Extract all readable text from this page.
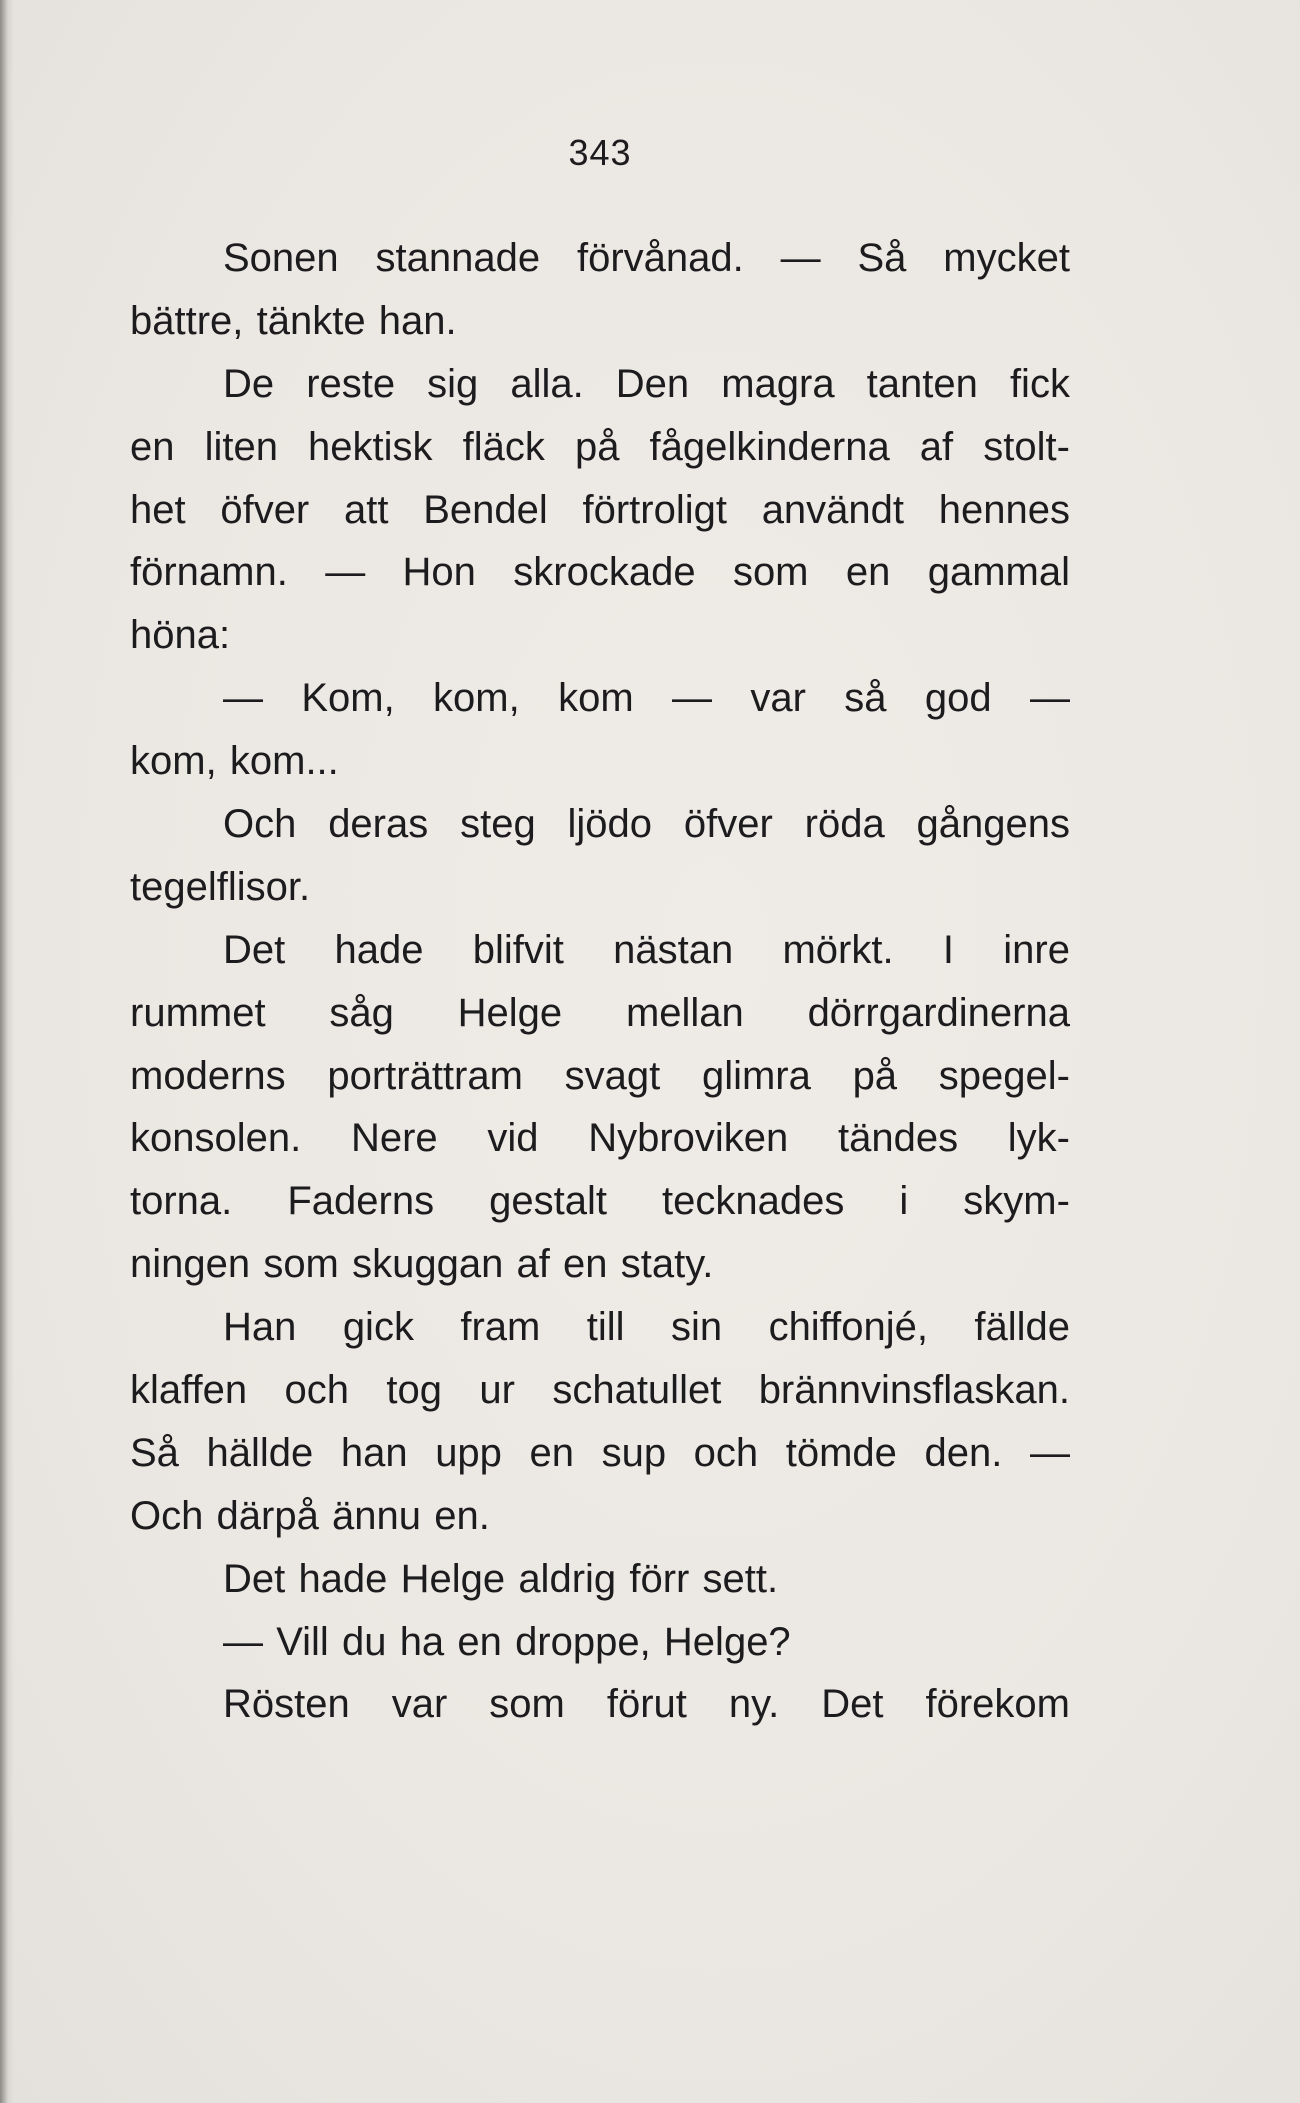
343
Sonen stannade förvånad. — Så mycket
bättre, tänkte han.
De reste sig alla. Den magra tanten fick
en liten hektisk fläck på fågelkinderna af stolt-
het öfver att Bendel förtroligt användt hennes
förnamn. — Hon skrockade som en gammal
höna:
— Kom, kom, kom — var så god —
kom, kom...
Och deras steg ljödo öfver röda gångens
tegelflisor.
Det hade blifvit nästan mörkt. I inre
rummet såg Helge mellan dörrgardinerna
moderns porträttram svagt glimra på spegel-
konsolen. Nere vid Nybroviken tändes lyk-
torna. Faderns gestalt tecknades i skym-
ningen som skuggan af en staty.
Han gick fram till sin chiffonjé, fällde
klaffen och tog ur schatullet brännvinsflaskan.
Så hällde han upp en sup och tömde den. —
Och därpå ännu en.
Det hade Helge aldrig förr sett.
— Vill du ha en droppe, Helge?
Rösten var som förut ny. Det förekom
